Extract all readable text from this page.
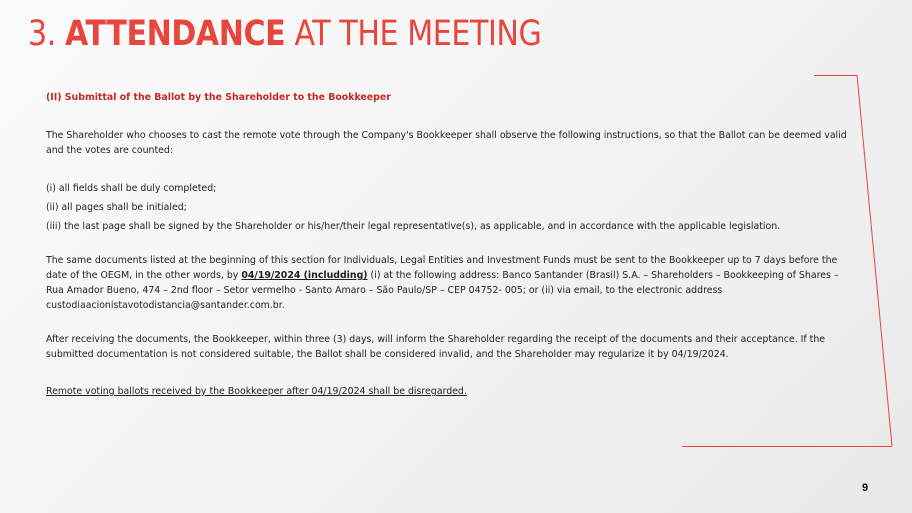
3. ATTENDANCE AT THE MEETING

(II) Submittal of the Ballot by the Shareholder to the Bookkeeper

The Shareholder who chooses to cast the remote vote through the Company's Bookkeeper shall observe the following instructions, so that the Ballot can be deemed valid and the votes are counted:

(i) all fields shall be duly completed;

(ii) all pages shall be initialed;

(iii) the last page shall be signed by the Shareholder or his/her/their legal representative(s), as applicable, and in accordance with the applicable legislation.

The same documents listed at the beginning of this section for Individuals, Legal Entities and Investment Funds must be sent to the Bookkeeper up to 7 days before the date of the OEGM, in the other words, by 04/19/2024 (includding) (i) at the following address: Banco Santander (Brasil) S.A. – Shareholders – Bookkeeping of Shares – Rua Amador Bueno, 474 – 2nd floor – Setor vermelho - Santo Amaro – São Paulo/SP – CEP 04752- 005; or (ii) via email, to the electronic address custodiaacionistavotodistancia@santander.com.br.

After receiving the documents, the Bookkeeper, within three (3) days, will inform the Shareholder regarding the receipt of the documents and their acceptance. If the submitted documentation is not considered suitable, the Ballot shall be considered invalid, and the Shareholder may regularize it by 04/19/2024.

Remote voting ballots received by the Bookkeeper after 04/19/2024 shall be disregarded.

9
